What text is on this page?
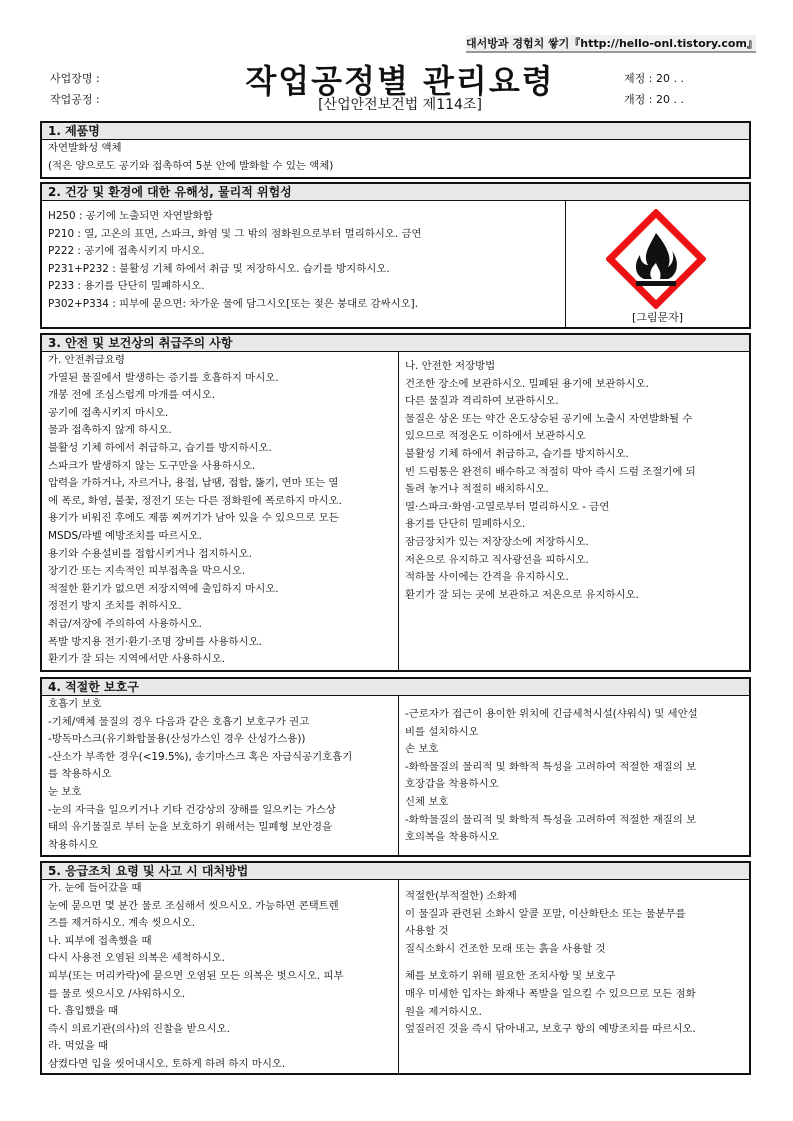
대서방과 경험치 쌓기『http://hello-onl.tistory.com』
사업장명 :
작업공정 :	작업공정별 관리요령
[산업안전보건법 제114조]
제정 : 20 . .
개정 : 20 . .
1. 제품명
자연발화성 액체
(적은 양으로도 공기와 접촉하여 5분 안에 발화할 수 있는 액체)
2. 건강 및 환경에 대한 유해성, 물리적 위험성
H250 : 공기에 노출되면 자연발화함
P210 : 열, 고온의 표면, 스파크, 화염 및 그 밖의 점화원으로부터 멀리하시오. 금연
P222 : 공기에 접촉시키지 마시오.
P231+P232 : 불활성 기체 하에서 취급 및 저장하시오. 습기를 방지하시오.
P233 : 용기를 단단히 밀폐하시오.
P302+P334 : 피부에 묻으면: 차가운 물에 담그시오[또는 젖은 붕대로 감싸시오].
[그림문자]
3. 안전 및 보건상의 취급주의 사항
가. 안전취급요령
가열된 물질에서 발생하는 증기를 호흡하지 마시오.
개봉 전에 조심스럽게 마개를 여시오.
공기에 접촉시키지 마시오.
물과 접촉하지 않게 하시오.
불활성 기체 하에서 취급하고, 습기를 방지하시오.
스파크가 발생하지 않는 도구만을 사용하시오.
압력을 가하거나, 자르거나, 용접, 납땜, 접합, 뚫기, 연마 또는 열
에 폭로, 화염, 불꽃, 정전기 또는 다른 점화원에 폭로하지 마시오.
용기가 비워진 후에도 제품 찌꺼기가 남아 있을 수 있으므로 모든
MSDS/라벨 예방조치를 따르시오.
용기와 수용설비를 접합시키거나 접지하시오.
장기간 또는 지속적인 피부접촉을 막으시오.
적절한 환기가 없으면 저장지역에 출입하지 마시오.
정전기 방지 조치를 취하시오.
취급/저장에 주의하여 사용하시오.
폭발 방지용 전기·환기·조명 장비를 사용하시오.
환기가 잘 되는 지역에서만 사용하시오.
나. 안전한 저장방법
건조한 장소에 보관하시오. 밀폐된 용기에 보관하시오.
다른 물질과 격리하여 보관하시오.
물질은 상온 또는 약간 온도상승된 공기에 노출시 자연발화될 수
있으므로 적정온도 이하에서 보관하시오
불활성 기체 하에서 취급하고, 습기를 방지하시오.
빈 드럼통은 완전히 배수하고 적절히 막아 즉시 드럼 조절기에 되
돌려 놓거나 적절히 배치하시오.
열·스파크·화염·고열로부터 멀리하시오 - 금연
용기를 단단히 밀폐하시오.
잠금장치가 있는 저장장소에 저장하시오.
저온으로 유지하고 직사광선을 피하시오.
적하물 사이에는 간격을 유지하시오.
환기가 잘 되는 곳에 보관하고 저온으로 유지하시오.
4. 적절한 보호구
호흡기 보호
-기체/액체 물질의 경우 다음과 같은 호흡기 보호구가 권고
-방독마스크(유기화합물용(산성가스인 경우 산성가스용))
-산소가 부족한 경우(<19.5%), 송기마스크 혹은 자급식공기호흡기
를 착용하시오
눈 보호
-눈의 자극을 일으키거나 기타 건강상의 장해를 일으키는 가스상
태의 유기물질로 부터 눈을 보호하기 위해서는 밀폐형 보안경을
착용하시오
-근로자가 접근이 용이한 위치에 긴급세척시설(샤워식) 및 세안설
비를 설치하시오
손 보호
-화학물질의 물리적 및 화학적 특성을 고려하여 적절한 재질의 보
호장갑을 착용하시오
신체 보호
-화학물질의 물리적 및 화학적 특성을 고려하여 적절한 재질의 보
호의복을 착용하시오
5. 응급조치 요령 및 사고 시 대처방법
가. 눈에 들어갔을 때
눈에 묻으면 몇 분간 물로 조심해서 씻으시오. 가능하면 콘택트렌
즈를 제거하시오. 계속 씻으시오.
나. 피부에 접촉했을 때
다시 사용전 오염된 의복은 세척하시오.
피부(또는 머리카락)에 묻으면 오염된 모든 의복은 벗으시오. 피부
를 물로 씻으시오 /샤워하시오.
다. 흡입했을 때
즉시 의료기관(의사)의 진찰을 받으시오.
라. 먹었을 때
삼켰다면 입을 씻어내시오. 토하게 하려 하지 마시오.
적절한(부적절한) 소화제
이 물질과 관련된 소화시 알콜 포말, 이산화탄소 또는 물분무를
사용할 것
질식소화시 건조한 모래 또는 흙을 사용할 것
체를 보호하기 위해 필요한 조치사항 및 보호구
매우 미세한 입자는 화재나 폭발을 일으킬 수 있으므로 모든 점화
원을 제거하시오.
엎질러진 것을 즉시 닦아내고, 보호구 항의 예방조치를 따르시오.
